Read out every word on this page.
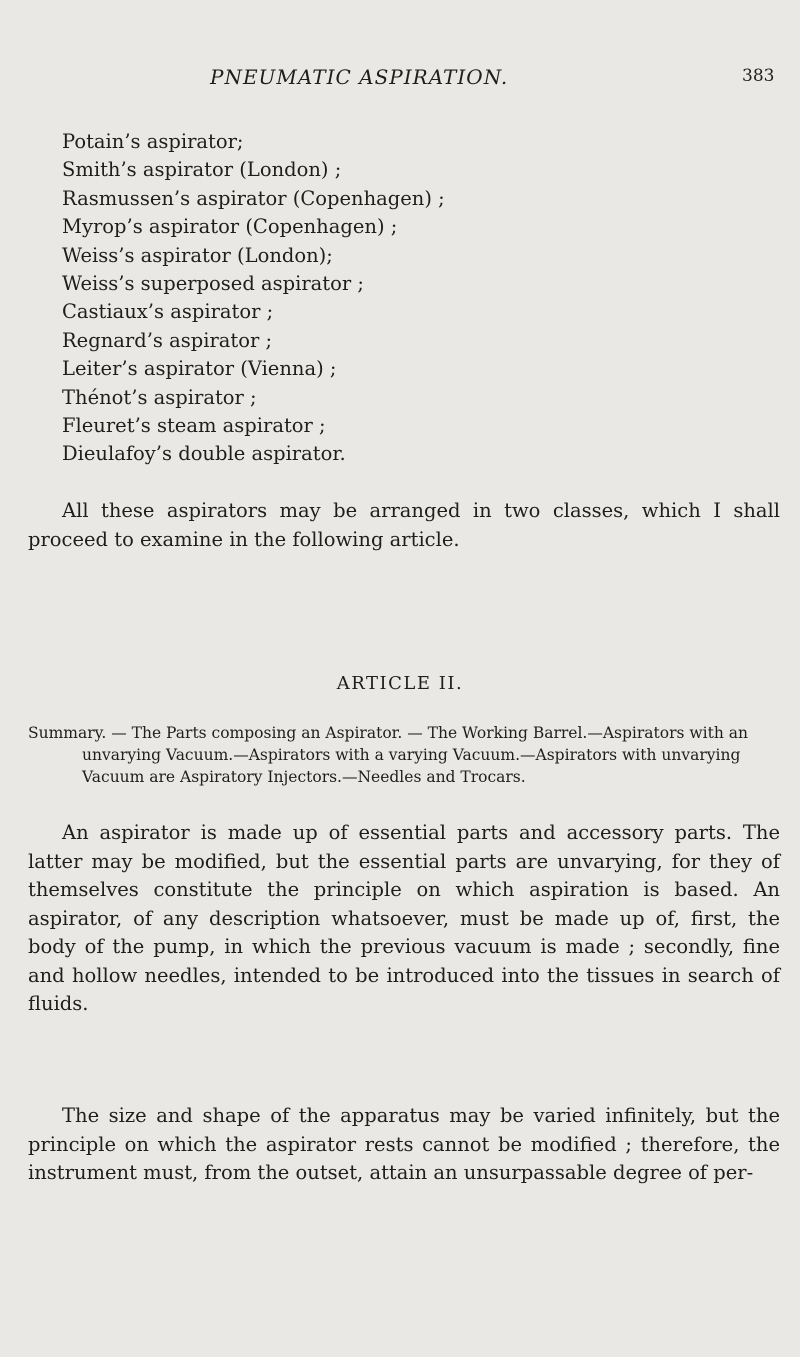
PNEUMATIC ASPIRATION.	383
Potain’s aspirator;
Smith’s aspirator (London) ;
Rasmussen’s aspirator (Copenhagen) ;
Myrop’s aspirator (Copenhagen) ;
Weiss’s aspirator (London);
Weiss’s superposed aspirator ;
Castiaux’s aspirator ;
Regnard’s aspirator ;
Leiter’s aspirator (Vienna) ;
Thénot’s aspirator ;
Fleuret’s steam aspirator ;
Dieulafoy’s double aspirator.

All these aspirators may be arranged in two classes, which I shall proceed to examine in the following article.

ARTICLE II.

Summary. — The Parts composing an Aspirator. — The Working Barrel.—Aspirators with an unvarying Vacuum.—Aspirators with a varying Vacuum.—Aspirators with unvarying Vacuum are Aspiratory Injectors.—Needles and Trocars.

An aspirator is made up of essential parts and accessory parts. The latter may be modified, but the essential parts are unvarying, for they of themselves constitute the principle on which aspiration is based. An aspirator, of any description whatsoever, must be made up of, first, the body of the pump, in which the previous vacuum is made ; secondly, fine and hollow needles, intended to be introduced into the tissues in search of fluids.

The size and shape of the apparatus may be varied infinitely, but the principle on which the aspirator rests cannot be modified ; therefore, the instrument must, from the outset, attain an unsurpassable degree of per-
